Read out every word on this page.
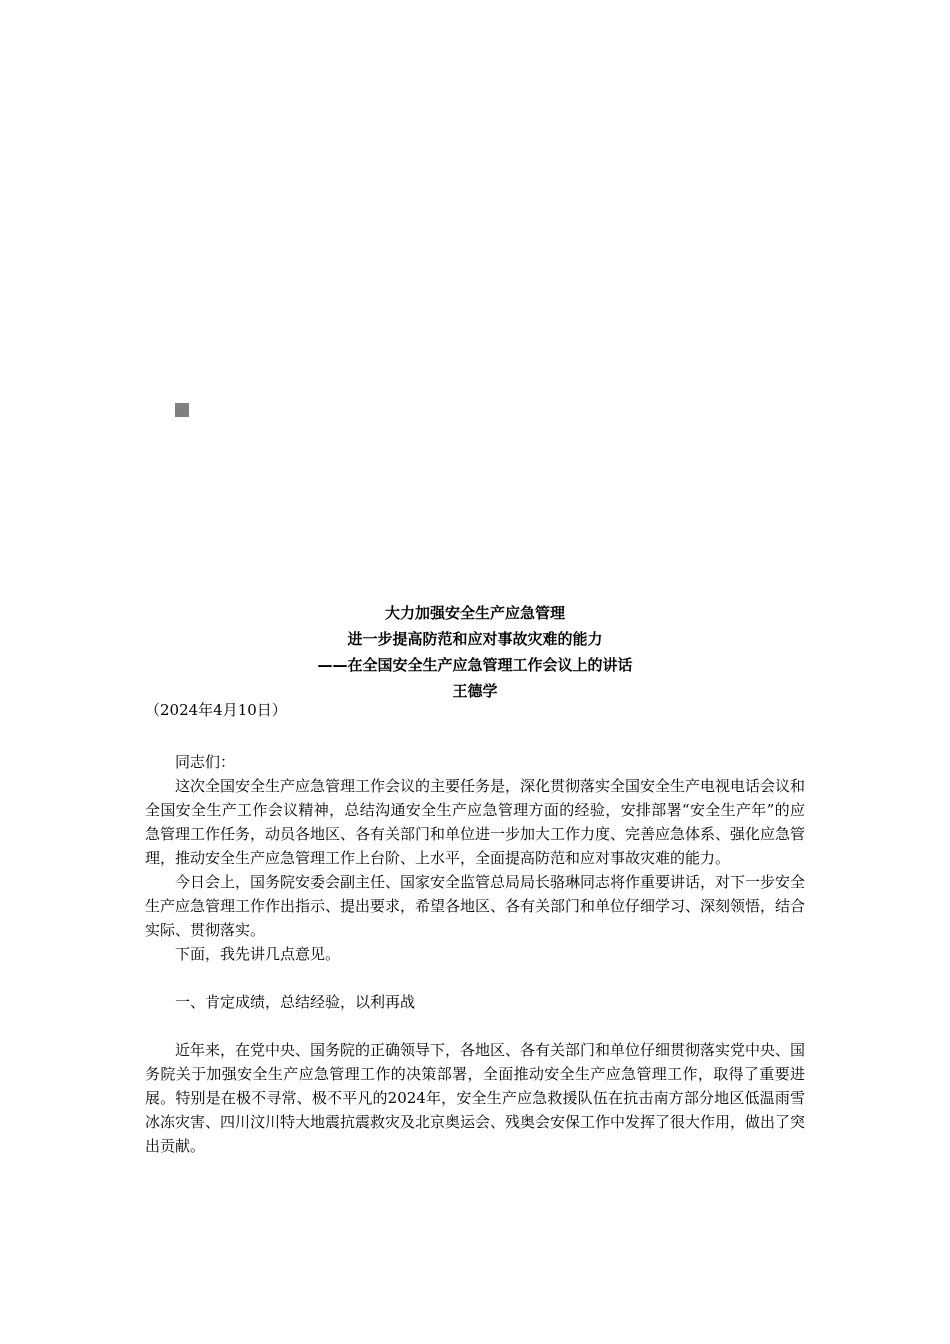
大力加强安全生产应急管理
进一步提高防范和应对事故灾难的能力
——在全国安全生产应急管理工作会议上的讲话
王德学
（2024年4月10日）

同志们：

这次全国安全生产应急管理工作会议的主要任务是，深化贯彻落实全国安全生产电视电话会议和全国安全生产工作会议精神，总结沟通安全生产应急管理方面的经验，安排部署“安全生产年”的应急管理工作任务，动员各地区、各有关部门和单位进一步加大工作力度、完善应急体系、强化应急管理，推动安全生产应急管理工作上台阶、上水平，全面提高防范和应对事故灾难的能力。

今日会上，国务院安委会副主任、国家安全监管总局局长骆琳同志将作重要讲话，对下一步安全生产应急管理工作作出指示、提出要求，希望各地区、各有关部门和单位仔细学习、深刻领悟，结合实际、贯彻落实。

下面，我先讲几点意见。

一、肯定成绩，总结经验，以利再战

近年来，在党中央、国务院的正确领导下，各地区、各有关部门和单位仔细贯彻落实党中央、国务院关于加强安全生产应急管理工作的决策部署，全面推动安全生产应急管理工作，取得了重要进展。特别是在极不寻常、极不平凡的2024年，安全生产应急救援队伍在抗击南方部分地区低温雨雪冰冻灾害、四川汶川特大地震抗震救灾及北京奥运会、残奥会安保工作中发挥了很大作用，做出了突出贡献。
